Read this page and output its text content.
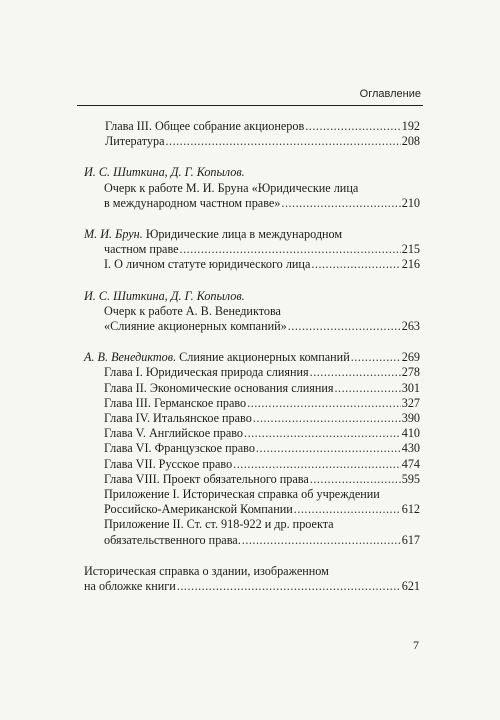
Оглавление
Глава III. Общее собрание акционеров .....	192
Литература .....	208
И. С. Шиткина, Д. Г. Копылов.
Очерк к работе М. И. Бруна «Юридические лица
в международном частном праве» .....	210
М. И. Брун. Юридические лица в международном
частном праве .....	215
I. О личном статуте юридического лица .....	216
И. С. Шиткина, Д. Г. Копылов.
Очерк к работе А. В. Венедиктова
«Слияние акционерных компаний» .....	263
А. В. Венедиктов. Слияние акционерных компаний .....	269
Глава I. Юридическая природа слияния .....	278
Глава II. Экономические основания слияния .....	301
Глава III. Германское право .....	327
Глава IV. Итальянское право .....	390
Глава V. Английское право .....	410
Глава VI. Французское право .....	430
Глава VII. Русское право .....	474
Глава VIII. Проект обязательного права .....	595
Приложение I. Историческая справка об учреждении
Российско-Американской Компании .....	612
Приложение II. Ст. ст. 918-922 и др. проекта
обязательственного права. .....	617
Историческая справка о здании, изображенном
на обложке книги .....	621
7
